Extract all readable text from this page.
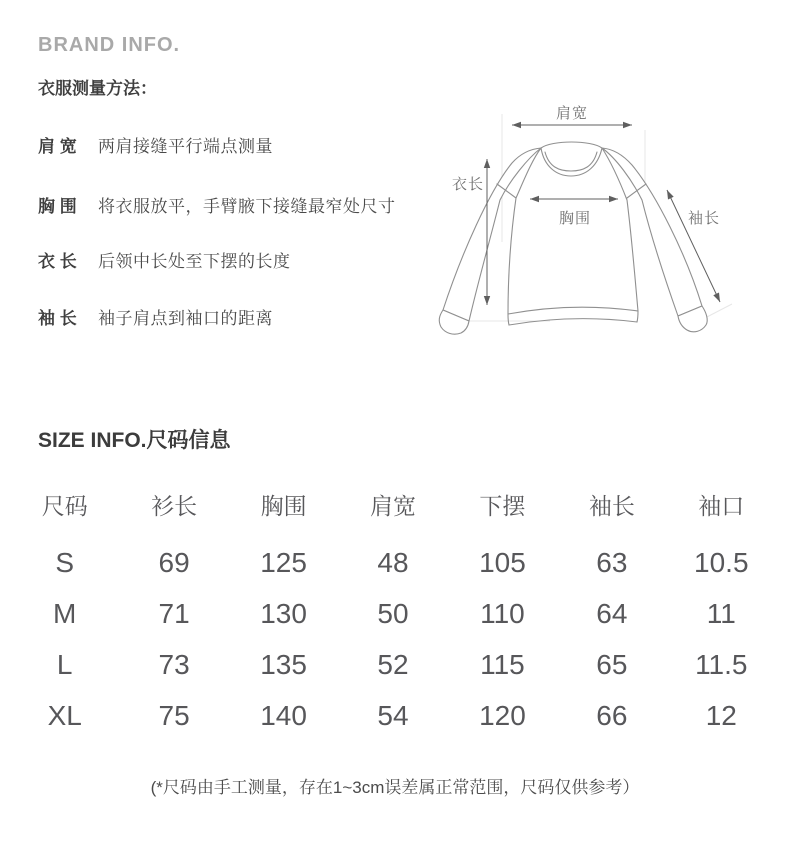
BRAND INFO.
衣服测量方法：
肩 宽	两肩接缝平行端点测量
胸 围	将衣服放平，手臂腋下接缝最窄处尺寸
衣 长	后领中长处至下摆的长度
袖 长	袖子肩点到袖口的距离
肩宽
衣长
胸围	袖长
SIZE INFO.尺码信息
尺码	衫长	胸围	肩宽	下摆	袖长	袖口
S	69	125	48	105	63	10.5
M	71	130	50	110	64	11
L	73	135	52	115	65	11.5
XL	75	140	54	120	66	12
(*尺码由手工测量，存在1~3cm误差属正常范围，尺码仅供参考）
